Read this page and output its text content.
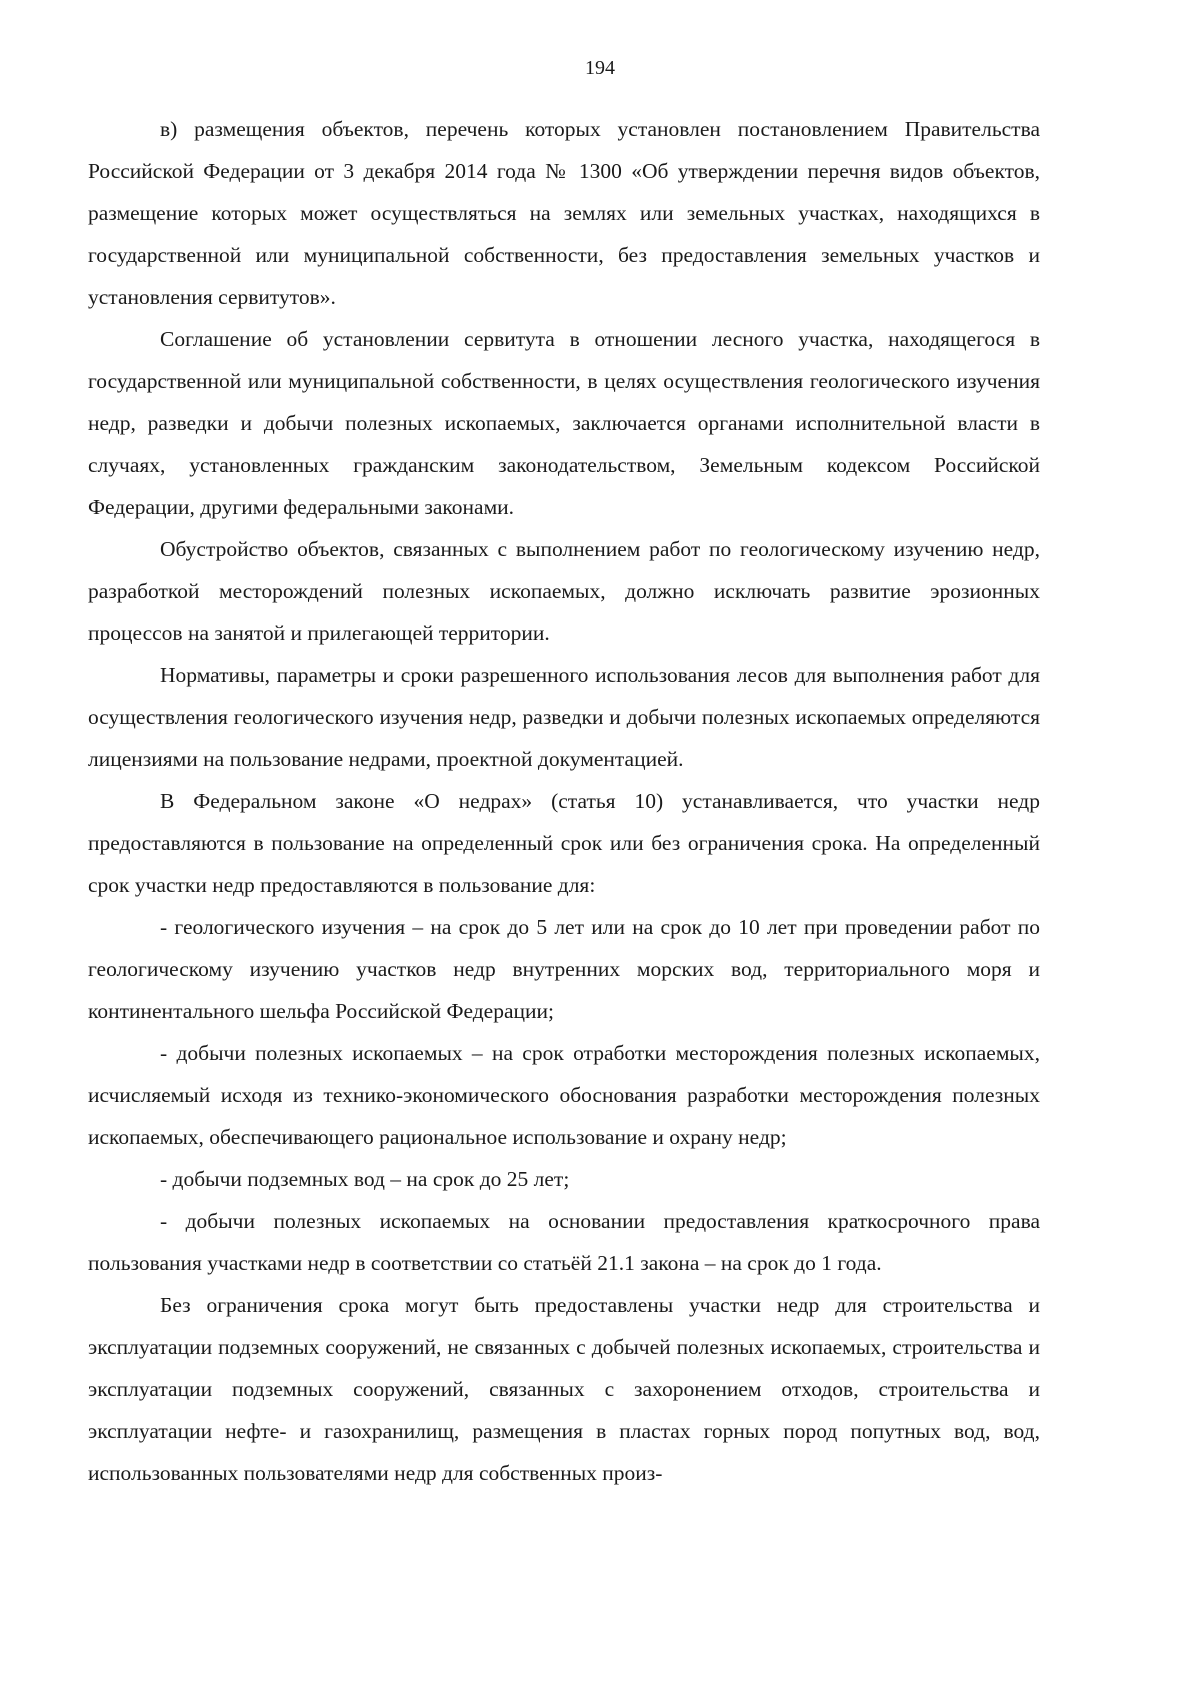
194

в) размещения объектов, перечень которых установлен постановлением Правительства Российской Федерации от 3 декабря 2014 года № 1300 «Об утверждении перечня видов объектов, размещение которых может осуществляться на землях или земельных участках, находящихся в государственной или муниципальной собственности, без предоставления земельных участков и установления сервитутов».

Соглашение об установлении сервитута в отношении лесного участка, находящегося в государственной или муниципальной собственности, в целях осуществления геологического изучения недр, разведки и добычи полезных ископаемых, заключается органами исполнительной власти в случаях, установленных гражданским законодательством, Земельным кодексом Российской Федерации, другими федеральными законами.

Обустройство объектов, связанных с выполнением работ по геологическому изучению недр, разработкой месторождений полезных ископаемых, должно исключать развитие эрозионных процессов на занятой и прилегающей территории.

Нормативы, параметры и сроки разрешенного использования лесов для выполнения работ для осуществления геологического изучения недр, разведки и добычи полезных ископаемых определяются лицензиями на пользование недрами, проектной документацией.

В Федеральном законе «О недрах» (статья 10) устанавливается, что участки недр предоставляются в пользование на определенный срок или без ограничения срока. На определенный срок участки недр предоставляются в пользование для:

- геологического изучения – на срок до 5 лет или на срок до 10 лет при проведении работ по геологическому изучению участков недр внутренних морских вод, территориального моря и континентального шельфа Российской Федерации;

- добычи полезных ископаемых – на срок отработки месторождения полезных ископаемых, исчисляемый исходя из технико-экономического обоснования разработки месторождения полезных ископаемых, обеспечивающего рациональное использование и охрану недр;

- добычи подземных вод – на срок до 25 лет;

- добычи полезных ископаемых на основании предоставления краткосрочного права пользования участками недр в соответствии со статьёй 21.1 закона – на срок до 1 года.

Без ограничения срока могут быть предоставлены участки недр для строительства и эксплуатации подземных сооружений, не связанных с добычей полезных ископаемых, строительства и эксплуатации подземных сооружений, связанных с захоронением отходов, строительства и эксплуатации нефте- и газохранилищ, размещения в пластах горных пород попутных вод, вод, использованных пользователями недр для собственных произ-
